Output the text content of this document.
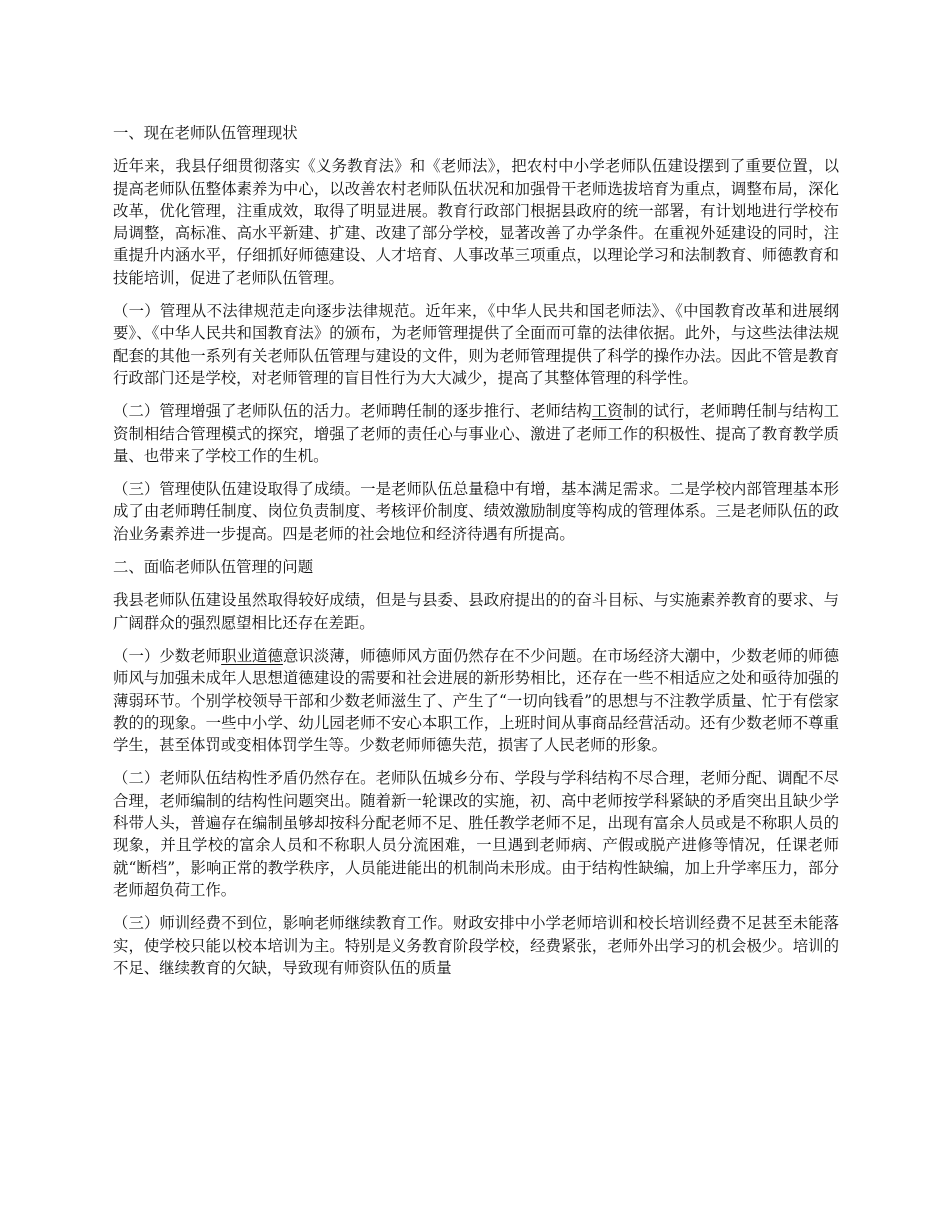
一、现在老师队伍管理现状

近年来，我县仔细贯彻落实《义务教育法》和《老师法》，把农村中小学老师队伍建设摆到了重要位置，以提高老师队伍整体素养为中心，以改善农村老师队伍状况和加强骨干老师选拔培育为重点，调整布局，深化改革，优化管理，注重成效，取得了明显进展。教育行政部门根据县政府的统一部署，有计划地进行学校布局调整，高标准、高水平新建、扩建、改建了部分学校，显著改善了办学条件。在重视外延建设的同时，注重提升内涵水平，仔细抓好师德建设、人才培育、人事改革三项重点，以理论学习和法制教育、师德教育和技能培训，促进了老师队伍管理。

（一）管理从不法律规范走向逐步法律规范。近年来，《中华人民共和国老师法》、《中国教育改革和进展纲要》、《中华人民共和国教育法》的颁布，为老师管理提供了全面而可靠的法律依据。此外，与这些法律法规配套的其他一系列有关老师队伍管理与建设的文件，则为老师管理提供了科学的操作办法。因此不管是教育行政部门还是学校，对老师管理的盲目性行为大大减少，提高了其整体管理的科学性。

（二）管理增强了老师队伍的活力。老师聘任制的逐步推行、老师结构工资制的试行，老师聘任制与结构工资制相结合管理模式的探究，增强了老师的责任心与事业心、激进了老师工作的积极性、提高了教育教学质量、也带来了学校工作的生机。

（三）管理使队伍建设取得了成绩。一是老师队伍总量稳中有增，基本满足需求。二是学校内部管理基本形成了由老师聘任制度、岗位负责制度、考核评价制度、绩效激励制度等构成的管理体系。三是老师队伍的政治业务素养进一步提高。四是老师的社会地位和经济待遇有所提高。

二、面临老师队伍管理的问题

我县老师队伍建设虽然取得较好成绩，但是与县委、县政府提出的的奋斗目标、与实施素养教育的要求、与广阔群众的强烈愿望相比还存在差距。

（一）少数老师职业道德意识淡薄，师德师风方面仍然存在不少问题。在市场经济大潮中，少数老师的师德师风与加强未成年人思想道德建设的需要和社会进展的新形势相比，还存在一些不相适应之处和亟待加强的薄弱环节。个别学校领导干部和少数老师滋生了、产生了“一切向钱看”的思想与不注教学质量、忙于有偿家教的的现象。一些中小学、幼儿园老师不安心本职工作，上班时间从事商品经营活动。还有少数老师不尊重学生，甚至体罚或变相体罚学生等。少数老师师德失范，损害了人民老师的形象。

（二）老师队伍结构性矛盾仍然存在。老师队伍城乡分布、学段与学科结构不尽合理，老师分配、调配不尽合理，老师编制的结构性问题突出。随着新一轮课改的实施，初、高中老师按学科紧缺的矛盾突出且缺少学科带人头，普遍存在编制虽够却按科分配老师不足、胜任教学老师不足，出现有富余人员或是不称职人员的现象，并且学校的富余人员和不称职人员分流困难，一旦遇到老师病、产假或脱产进修等情况，任课老师就“断档”，影响正常的教学秩序，人员能进能出的机制尚未形成。由于结构性缺编，加上升学率压力，部分老师超负荷工作。

（三）师训经费不到位，影响老师继续教育工作。财政安排中小学老师培训和校长培训经费不足甚至未能落实，使学校只能以校本培训为主。特别是义务教育阶段学校，经费紧张，老师外出学习的机会极少。培训的不足、继续教育的欠缺，导致现有师资队伍的质量
